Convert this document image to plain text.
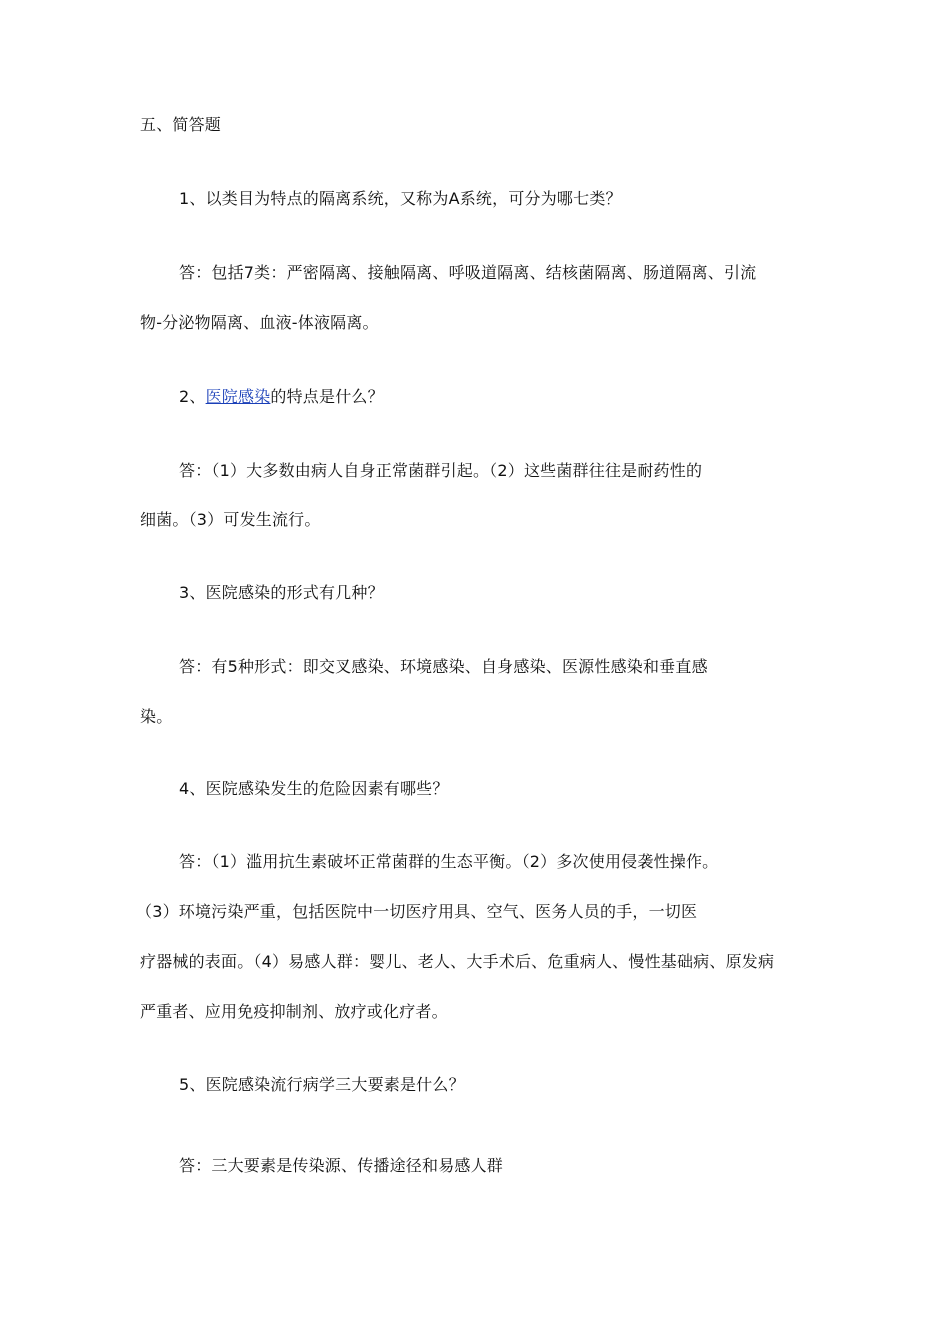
五、简答题
1、以类目为特点的隔离系统，又称为A系统，可分为哪七类？
答：包括7类：严密隔离、接触隔离、呼吸道隔离、结核菌隔离、肠道隔离、引流
物-分泌物隔离、血液-体液隔离。
2、医院感染的特点是什么？
答：（1）大多数由病人自身正常菌群引起。（2）这些菌群往往是耐药性的
细菌。（3）可发生流行。
3、医院感染的形式有几种？
答：有5种形式：即交叉感染、环境感染、自身感染、医源性感染和垂直感
染。
4、医院感染发生的危险因素有哪些？
答：（1）滥用抗生素破坏正常菌群的生态平衡。（2）多次使用侵袭性操作。
（3）环境污染严重，包括医院中一切医疗用具、空气、医务人员的手，一切医
疗器械的表面。（4）易感人群：婴儿、老人、大手术后、危重病人、慢性基础病、原发病
严重者、应用免疫抑制剂、放疗或化疗者。
5、医院感染流行病学三大要素是什么？
答：三大要素是传染源、传播途径和易感人群
